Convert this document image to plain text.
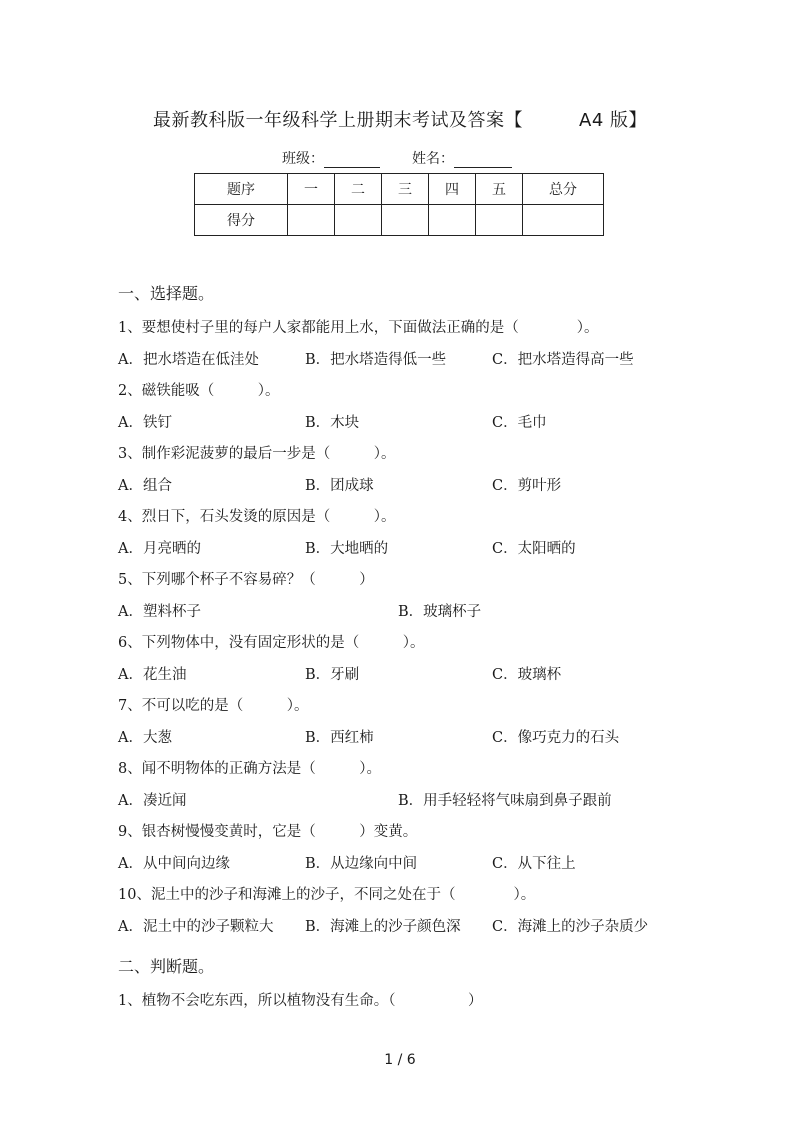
最新教科版一年级科学上册期末考试及答案【	A4 版】
班级：	姓名：
题序	一	二	三	四	五	总分
得分						
一、选择题。
1、要想使村子里的每户人家都能用上水，下面做法正确的是（　　　　）。
A．把水塔造在低洼处	B．把水塔造得低一些	C．把水塔造得高一些
2、磁铁能吸（　　　）。
A．铁钉	B．木块	C．毛巾
3、制作彩泥菠萝的最后一步是（　　　）。
A．组合	B．团成球	C．剪叶形
4、烈日下，石头发烫的原因是（　　　）。
A．月亮晒的	B．大地晒的	C．太阳晒的
5、下列哪个杯子不容易碎？（　　　）
A．塑料杯子	B．玻璃杯子
6、下列物体中，没有固定形状的是（　　　）。
A．花生油	B．牙刷	C．玻璃杯
7、不可以吃的是（　　　）。
A．大葱	B．西红柿	C．像巧克力的石头
8、闻不明物体的正确方法是（　　　）。
A．凑近闻	B．用手轻轻将气味扇到鼻子跟前
9、银杏树慢慢变黄时，它是（　　　）变黄。
A．从中间向边缘	B．从边缘向中间	C．从下往上
10、泥土中的沙子和海滩上的沙子，不同之处在于（　　　　）。
A．泥土中的沙子颗粒大 B．海滩上的沙子颜色深 C．海滩上的沙子杂质少
二、判断题。
1、植物不会吃东西，所以植物没有生命。（　　　　　）
1 / 6
